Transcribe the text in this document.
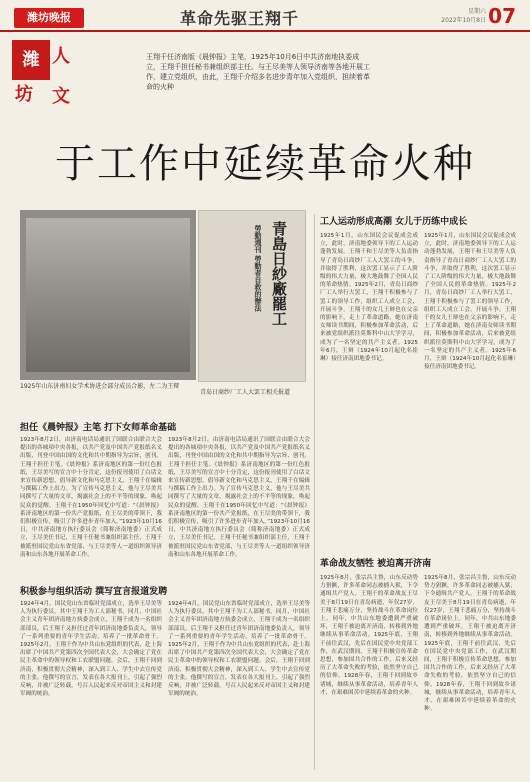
潍坊晚报	革命先驱王翔千	星期六
2022年10月8日 07
潍 人
坊 文
王翔千任济南版《晨钟报》主笔，1925年10月6日中共济南地执委成立，王翔千担任秘书兼组织部主任。与王尽美等人领导济南等各地开展工作，建立党组织，由此，王翔千介绍多名进步青年加入党组织，担续着革命的火种
于工作中延续革命火种
青島日紗廠罷工
勞動週刊 勞動者自救的辦法
1925年山东济南妇女学术协进会部分成员合影，左二为王辩
青岛日商纱厂工人大罢工相关报道
担任《晨钟报》主笔 打下女师革命基础
1923年8月2日，由济南电话局通讯了国联合由联合大会提出的各城项中央各报，以共产党及中国共产党报纸名义出版，刊登中国由国的文化和共中期指导为宗旨，创刊。王翔千担任主笔。《晨钟报》系济南地区的第一份红色报纸，王尽美写的宣言中十分肯定，这份报刊使用了白话文来宣传新思想，倡导新文化和马克思主义，王翔千在编辑与撰稿工作上出力。为了宣传马克思主义，他与王尽美共同撰写了大量的文章，揭露社会上的不平等的现象，唤起民众的觉醒。王翔千在1950年回忆中写道：“《晨钟报》系济南地区的第一份共产党报纸，在王尽美的带领下，我们积极宣传，吸引了许多进步青年加入。”1923年10月16日，中共济南地方执行委员会（简称济南地委）正式成立，王尽美任书记，王翔千任秘书兼组织部主任，王翔千被派驻国民党山东省党部，与王尽美等人一道组织领导济南和山东各地开展革命工作。
1923年8月2日，由济南电话局通讯了国联合由联合大会提出的各城项中央各报，以共产党及中国共产党报纸名义出版，刊登中国由国的文化和共中期指导为宗旨，创刊。王翔千担任主笔。《晨钟报》系济南地区的第一份红色报纸，王尽美写的宣言中十分肯定，这份报刊使用了白话文来宣传新思想，倡导新文化和马克思主义，王翔千在编辑与撰稿工作上出力。为了宣传马克思主义，他与王尽美共同撰写了大量的文章，揭露社会上的不平等的现象，唤起民众的觉醒。王翔千在1950年回忆中写道：“《晨钟报》系济南地区的第一份共产党报纸，在王尽美的带领下，我们积极宣传，吸引了许多进步青年加入。”1923年10月16日，中共济南地方执行委员会（简称济南地委）正式成立，王尽美任书记，王翔千任秘书兼组织部主任，王翔千被派驻国民党山东省党部，与王尽美等人一道组织领导济南和山东各地开展革命工作。
积极参与组织活动 撰写宣言报道发聘
1924年4月，国民党山东省临时党部成立，选举王尽美等人为执行委员，其中王翔千为工人部秘书。同月，中国社会主义青年团济南地方执委会成立，王翔千成为一名组织部部员，后王翔千又担任过青年团济南地委负责人，领导了一系列重要的青年学生活动，培养了一批革命骨干。1925年2月，王翔千作为中共山东党组织的代表，赴上海出席了中国共产党第四次全国代表大会，大会确定了党在民主革命中的领导权和工农联盟问题。会后，王翔千回到济南，积极贯彻大会精神，深入到工人、学生中去宣传党的主张。他撰写的宣言，发表在各大报刊上，引起了强烈反响，并被广泛转载，号召人民起来反对帝国主义和封建军阀的统治。
1924年4月，国民党山东省临时党部成立，选举王尽美等人为执行委员，其中王翔千为工人部秘书。同月，中国社会主义青年团济南地方执委会成立，王翔千成为一名组织部部员，后王翔千又担任过青年团济南地委负责人，领导了一系列重要的青年学生活动，培养了一批革命骨干。1925年2月，王翔千作为中共山东党组织的代表，赴上海出席了中国共产党第四次全国代表大会，大会确定了党在民主革命中的领导权和工农联盟问题。会后，王翔千回到济南，积极贯彻大会精神，深入到工人、学生中去宣传党的主张。他撰写的宣言，发表在各大报刊上，引起了强烈反响，并被广泛转载，号召人民起来反对帝国主义和封建军阀的统治。
工人运动形成高潮 女儿于历练中成长
1925年1月，山东国民会议促成会成立，此时，济南地委领导下的工人运动蓬勃发展，王翔千和王尽美等人负责指导了青岛日商纱厂工人大罢工的斗争，并取得了胜利，这次罢工显示了工人阶级的伟大力量，极大地鼓舞了全国人民的革命热情。1925年2月，青岛日商纱厂工人举行大罢工，王翔千积极参与了罢工的领导工作，组织工人成立工会，开展斗争。王翔千的女儿王辩也在父亲的影响下，走上了革命道路，她在济南女师读书期间，积极参加革命活动，后来被党组织派往莫斯科中山大学学习，成为了一名坚定的共产主义者。1925年6月，王辩（1924年10月起化名崔琳）接任济南团地委书记。
1925年1月，山东国民会议促成会成立，此时，济南地委领导下的工人运动蓬勃发展，王翔千和王尽美等人负责指导了青岛日商纱厂工人大罢工的斗争，并取得了胜利，这次罢工显示了工人阶级的伟大力量，极大地鼓舞了全国人民的革命热情。1925年2月，青岛日商纱厂工人举行大罢工，王翔千积极参与了罢工的领导工作，组织工人成立工会，开展斗争。王翔千的女儿王辩也在父亲的影响下，走上了革命道路，她在济南女师读书期间，积极参加革命活动，后来被党组织派往莫斯科中山大学学习，成为了一名坚定的共产主义者。1925年6月，王辩（1924年10月起化名崔琳）接任济南团地委书记。
革命战友牺牲 被迫离开济南
1925年8月，张宗昌主鲁，山东反动势力猖獗，许多革命同志被捕入狱，下令通缉共产党人。王翔千的革命战友王尽美于8月19日在青岛病逝，年仅27岁，王翔千悲痛万分，坚持战斗在革命岗位上。同年，中共山东地委遭到严重破坏，王翔千被迫离开济南，转移到外地继续从事革命活动。1925年底，王翔千前往武汉，先后在国民党中央党部工作，在武汉期间，王翔千积极宣传革命思想，参加国共合作的工作，后来又经历了大革命失败的考验，依然坚守自己的信仰。1928年春，王翔千回到故乡诸城，继续从事革命活动，培养青年人才，在艰难困苦中延续着革命的火种。
1925年8月，张宗昌主鲁，山东反动势力猖獗，许多革命同志被捕入狱，下令通缉共产党人。王翔千的革命战友王尽美于8月19日在青岛病逝，年仅27岁，王翔千悲痛万分，坚持战斗在革命岗位上。同年，中共山东地委遭到严重破坏，王翔千被迫离开济南，转移到外地继续从事革命活动。1925年底，王翔千前往武汉，先后在国民党中央党部工作，在武汉期间，王翔千积极宣传革命思想，参加国共合作的工作，后来又经历了大革命失败的考验，依然坚守自己的信仰。1928年春，王翔千回到故乡诸城，继续从事革命活动，培养青年人才，在艰难困苦中延续着革命的火种。
